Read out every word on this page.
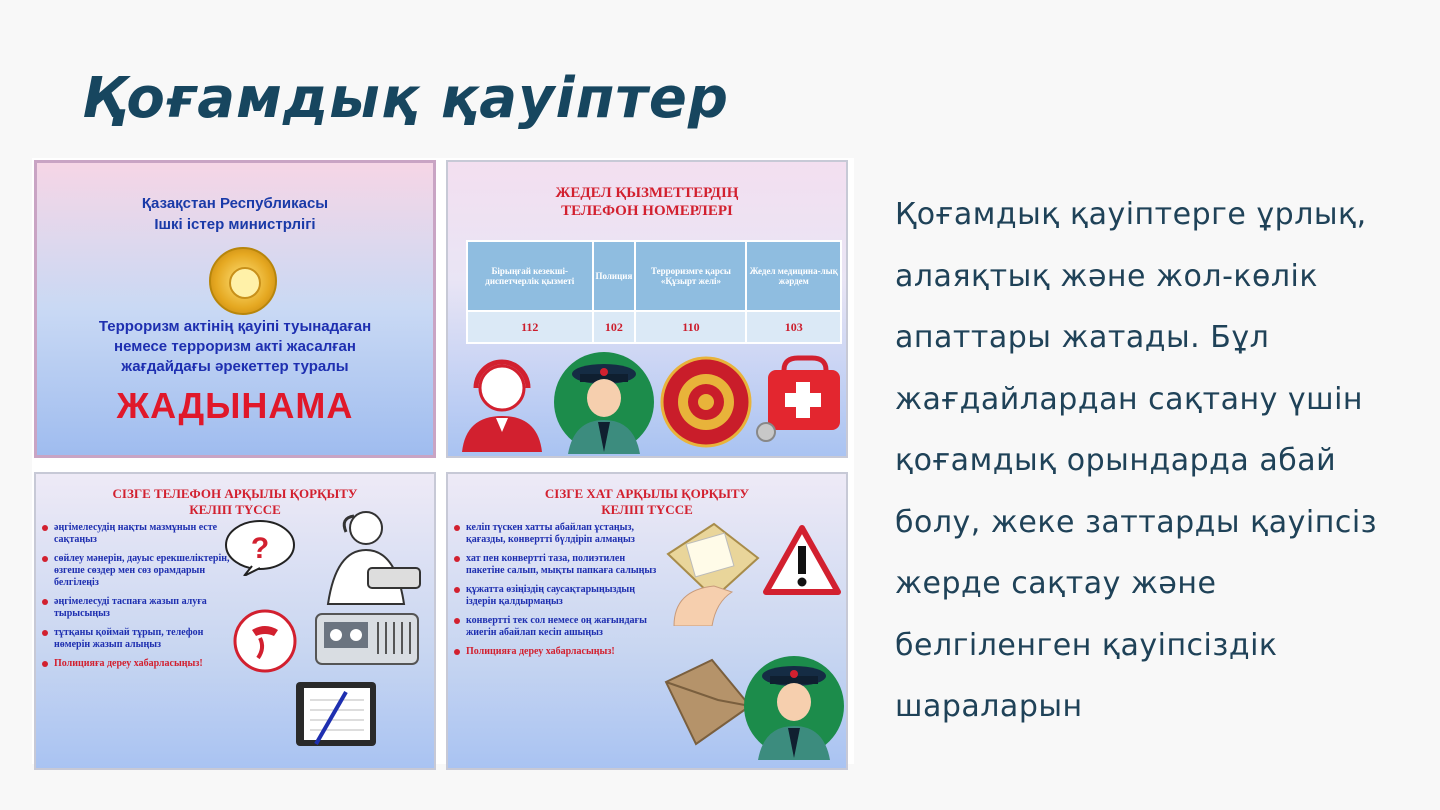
Қоғамдық қауіптер
Қазақстан Республикасы
Ішкі істер министрлігі
Терроризм актінің қауіпі туынадаған
немесе терроризм акті жасалған
жағдайдағы әрекеттер туралы
ЖАДЫНАМА
ЖЕДЕЛ ҚЫЗМЕТТЕРДІҢ
ТЕЛЕФОН НОМЕРЛЕРІ
Бірыңғай кезекші-диспетчерлік қызметі	Полиция	Терроризмге қарсы «Құзырт желі»	Жедел медицина-лық жәрдем
112	102	110	103
СІЗГЕ ТЕЛЕФОН АРҚЫЛЫ ҚОРҚЫТУ
КЕЛІП ТҮССЕ
әңгімелесудің нақты мазмұнын есте сақтаңыз
сөйлеу мәнерін, дауыс ерекшеліктерін, өзгеше сөздер мен сөз орамдарын белгілеңіз
әңгімелесуді таспаға жазып алуға тырысыңыз
тұтқаны қоймай тұрып, телефон нөмерін жазып алыңыз
Полицияға дереу хабарласыңыз!
?
СІЗГЕ ХАТ АРҚЫЛЫ ҚОРҚЫТУ
КЕЛІП ТҮССЕ
келіп түскен хатты абайлап ұстаңыз, қағазды, конвертті бүлдіріп алмаңыз
хат пен конвертті таза, полиэтилен пакетіне салып, мықты папкаға салыңыз
құжатта өзіңіздің саусақтарыңыздың іздерін қалдырмаңыз
конвертті тек сол немесе оң жағындағы жиегін абайлап кесіп ашыңыз
Полицияға дереу хабарласыңыз!

Қоғамдық қауіптерге ұрлық, алаяқтық және жол-көлік апаттары жатады. Бұл жағдайлардан сақтану үшін қоғамдық орындарда абай болу, жеке заттарды қауіпсіз жерде сақтау және белгіленген қауіпсіздік шараларын
